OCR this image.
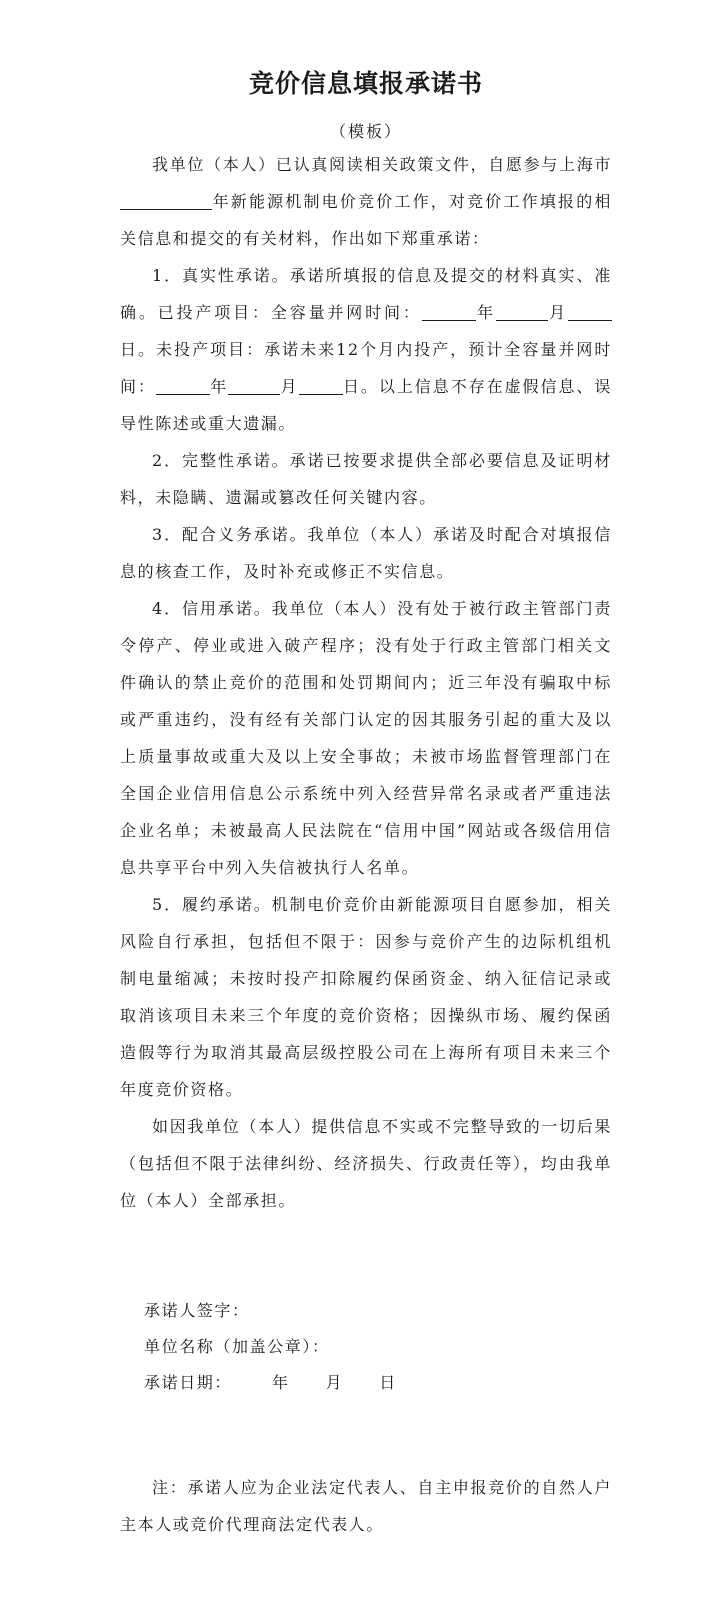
竞价信息填报承诺书

（模板）

我单位（本人）已认真阅读相关政策文件，自愿参与上海市年新能源机制电价竞价工作，对竞价工作填报的相关信息和提交的有关材料，作出如下郑重承诺：

1．真实性承诺。承诺所填报的信息及提交的材料真实、准确。已投产项目：全容量并网时间：	年	月日。未投产项目：承诺未来12个月内投产，预计全容量并网时间：	年	月	日。以上信息不存在虚假信息、误导性陈述或重大遗漏。

2．完整性承诺。承诺已按要求提供全部必要信息及证明材料，未隐瞒、遗漏或篡改任何关键内容。

3．配合义务承诺。我单位（本人）承诺及时配合对填报信息的核查工作，及时补充或修正不实信息。

4．信用承诺。我单位（本人）没有处于被行政主管部门责令停产、停业或进入破产程序；没有处于行政主管部门相关文件确认的禁止竞价的范围和处罚期间内；近三年没有骗取中标或严重违约，没有经有关部门认定的因其服务引起的重大及以上质量事故或重大及以上安全事故；未被市场监督管理部门在全国企业信用信息公示系统中列入经营异常名录或者严重违法企业名单；未被最高人民法院在“信用中国”网站或各级信用信息共享平台中列入失信被执行人名单。

5．履约承诺。机制电价竞价由新能源项目自愿参加，相关风险自行承担，包括但不限于：因参与竞价产生的边际机组机制电量缩减；未按时投产扣除履约保函资金、纳入征信记录或取消该项目未来三个年度的竞价资格；因操纵市场、履约保函造假等行为取消其最高层级控股公司在上海所有项目未来三个年度竞价资格。

如因我单位（本人）提供信息不实或不完整导致的一切后果（包括但不限于法律纠纷、经济损失、行政责任等），均由我单位（本人）全部承担。

承诺人签字：

单位名称（加盖公章）：

承诺日期：	年 月 日

注：承诺人应为企业法定代表人、自主申报竞价的自然人户主本人或竞价代理商法定代表人。
